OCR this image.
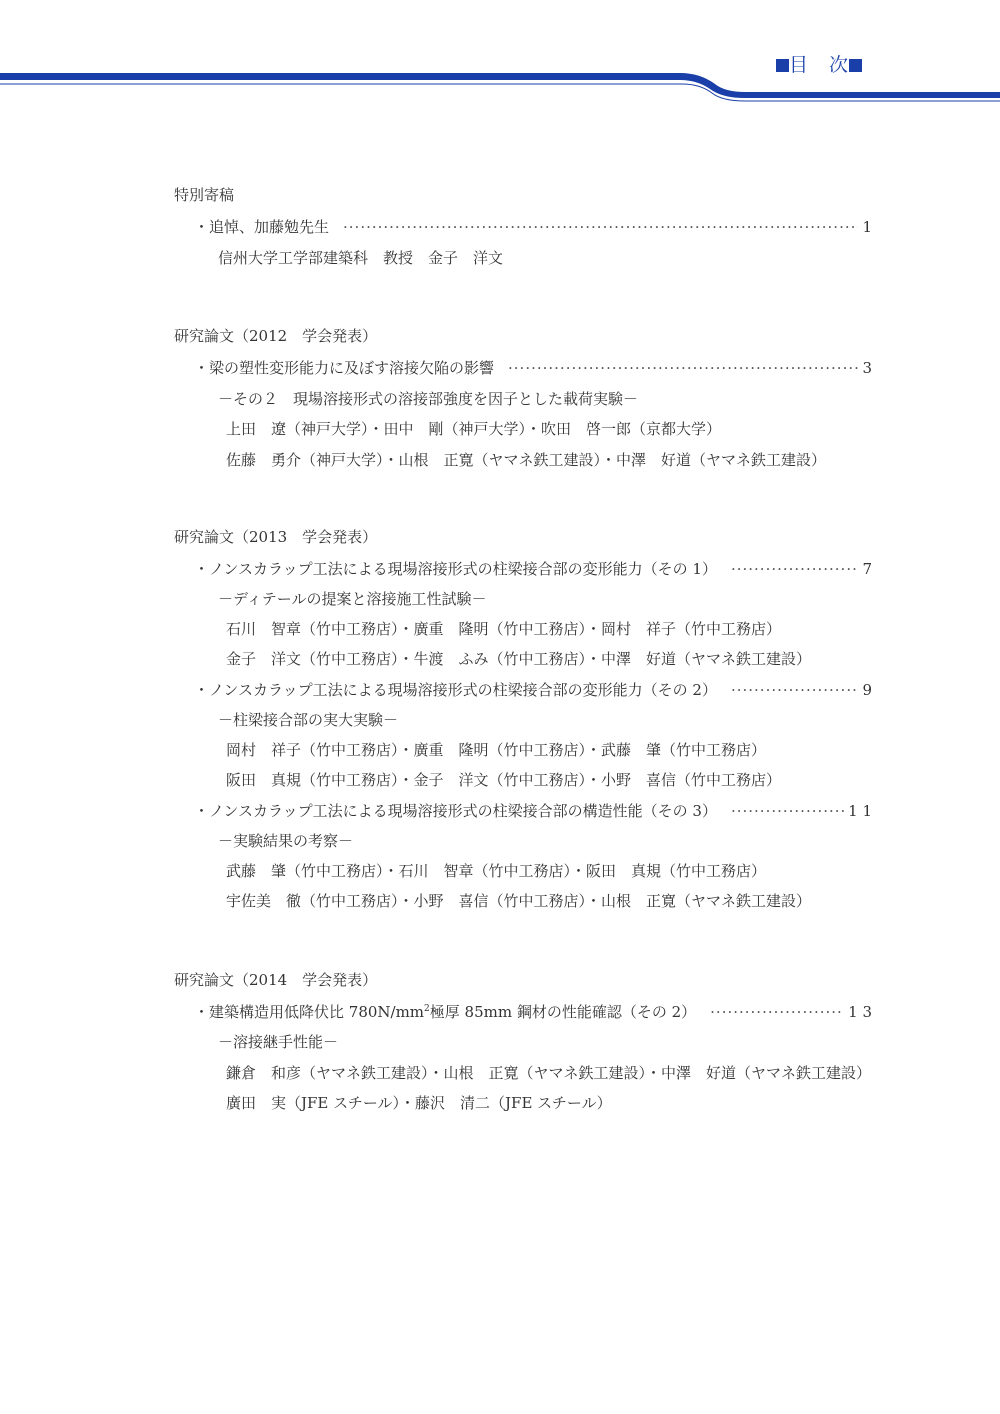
目　次
特別寄稿
・追悼、加藤勉先生 ·····	1
信州大学工学部建築科　教授　金子　洋文
研究論文（2012　学会発表）
・梁の塑性変形能力に及ぼす溶接欠陥の影響 ·····	3
－その２　現場溶接形式の溶接部強度を因子とした載荷実験－
上田　遼（神戸大学）・田中　剛（神戸大学）・吹田　啓一郎（京都大学）
佐藤　勇介（神戸大学）・山根　正寛（ヤマネ鉄工建設）・中澤　好道（ヤマネ鉄工建設）
研究論文（2013　学会発表）
・ノンスカラップ工法による現場溶接形式の柱梁接合部の変形能力（その 1） ·····	7
－ディテールの提案と溶接施工性試験－
石川　智章（竹中工務店）・廣重　隆明（竹中工務店）・岡村　祥子（竹中工務店）
金子　洋文（竹中工務店）・牛渡　ふみ（竹中工務店）・中澤　好道（ヤマネ鉄工建設）
・ノンスカラップ工法による現場溶接形式の柱梁接合部の変形能力（その 2） ·····	9
－柱梁接合部の実大実験－
岡村　祥子（竹中工務店）・廣重　隆明（竹中工務店）・武藤　肇（竹中工務店）
阪田　真規（竹中工務店）・金子　洋文（竹中工務店）・小野　喜信（竹中工務店）
・ノンスカラップ工法による現場溶接形式の柱梁接合部の構造性能（その 3） ·····	1 1
－実験結果の考察－
武藤　肇（竹中工務店）・石川　智章（竹中工務店）・阪田　真規（竹中工務店）
宇佐美　徹（竹中工務店）・小野　喜信（竹中工務店）・山根　正寛（ヤマネ鉄工建設）
研究論文（2014　学会発表）
・建築構造用低降伏比 $780N/mm^2$極厚 85mm 鋼材の性能確認（その 2） ·····	1 3
－溶接継手性能－
鎌倉　和彦（ヤマネ鉄工建設）・山根　正寛（ヤマネ鉄工建設）・中澤　好道（ヤマネ鉄工建設）
廣田　実（JFE スチール）・藤沢　清二（JFE スチール）
